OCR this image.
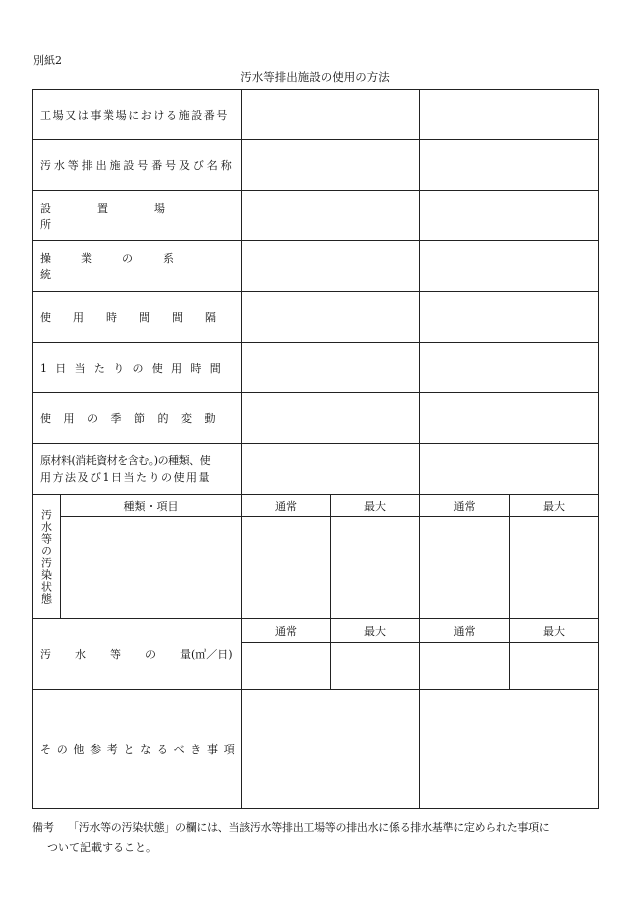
別紙2
汚水等排出施設の使用の方法
工場又は事業場における施設番号
汚水等排出施設号番号及び名称
設置場所
操業の系統
使用時間間隔
1日当たりの使用時間
使用の季節的変動
原材料(消耗資材を含む。)の種類、使
用方法及び1日当たりの使用量
汚水等の汚染状態
種類・項目	通常	最大	通常	最大
通常	最大	通常	最大
汚水等の 量(㎥／日)
その他参考となるべき事項
備考 「汚水等の汚染状態」の欄には、当該汚水等排出工場等の排出水に係る排水基準に定められた事項に
ついて記載すること。
